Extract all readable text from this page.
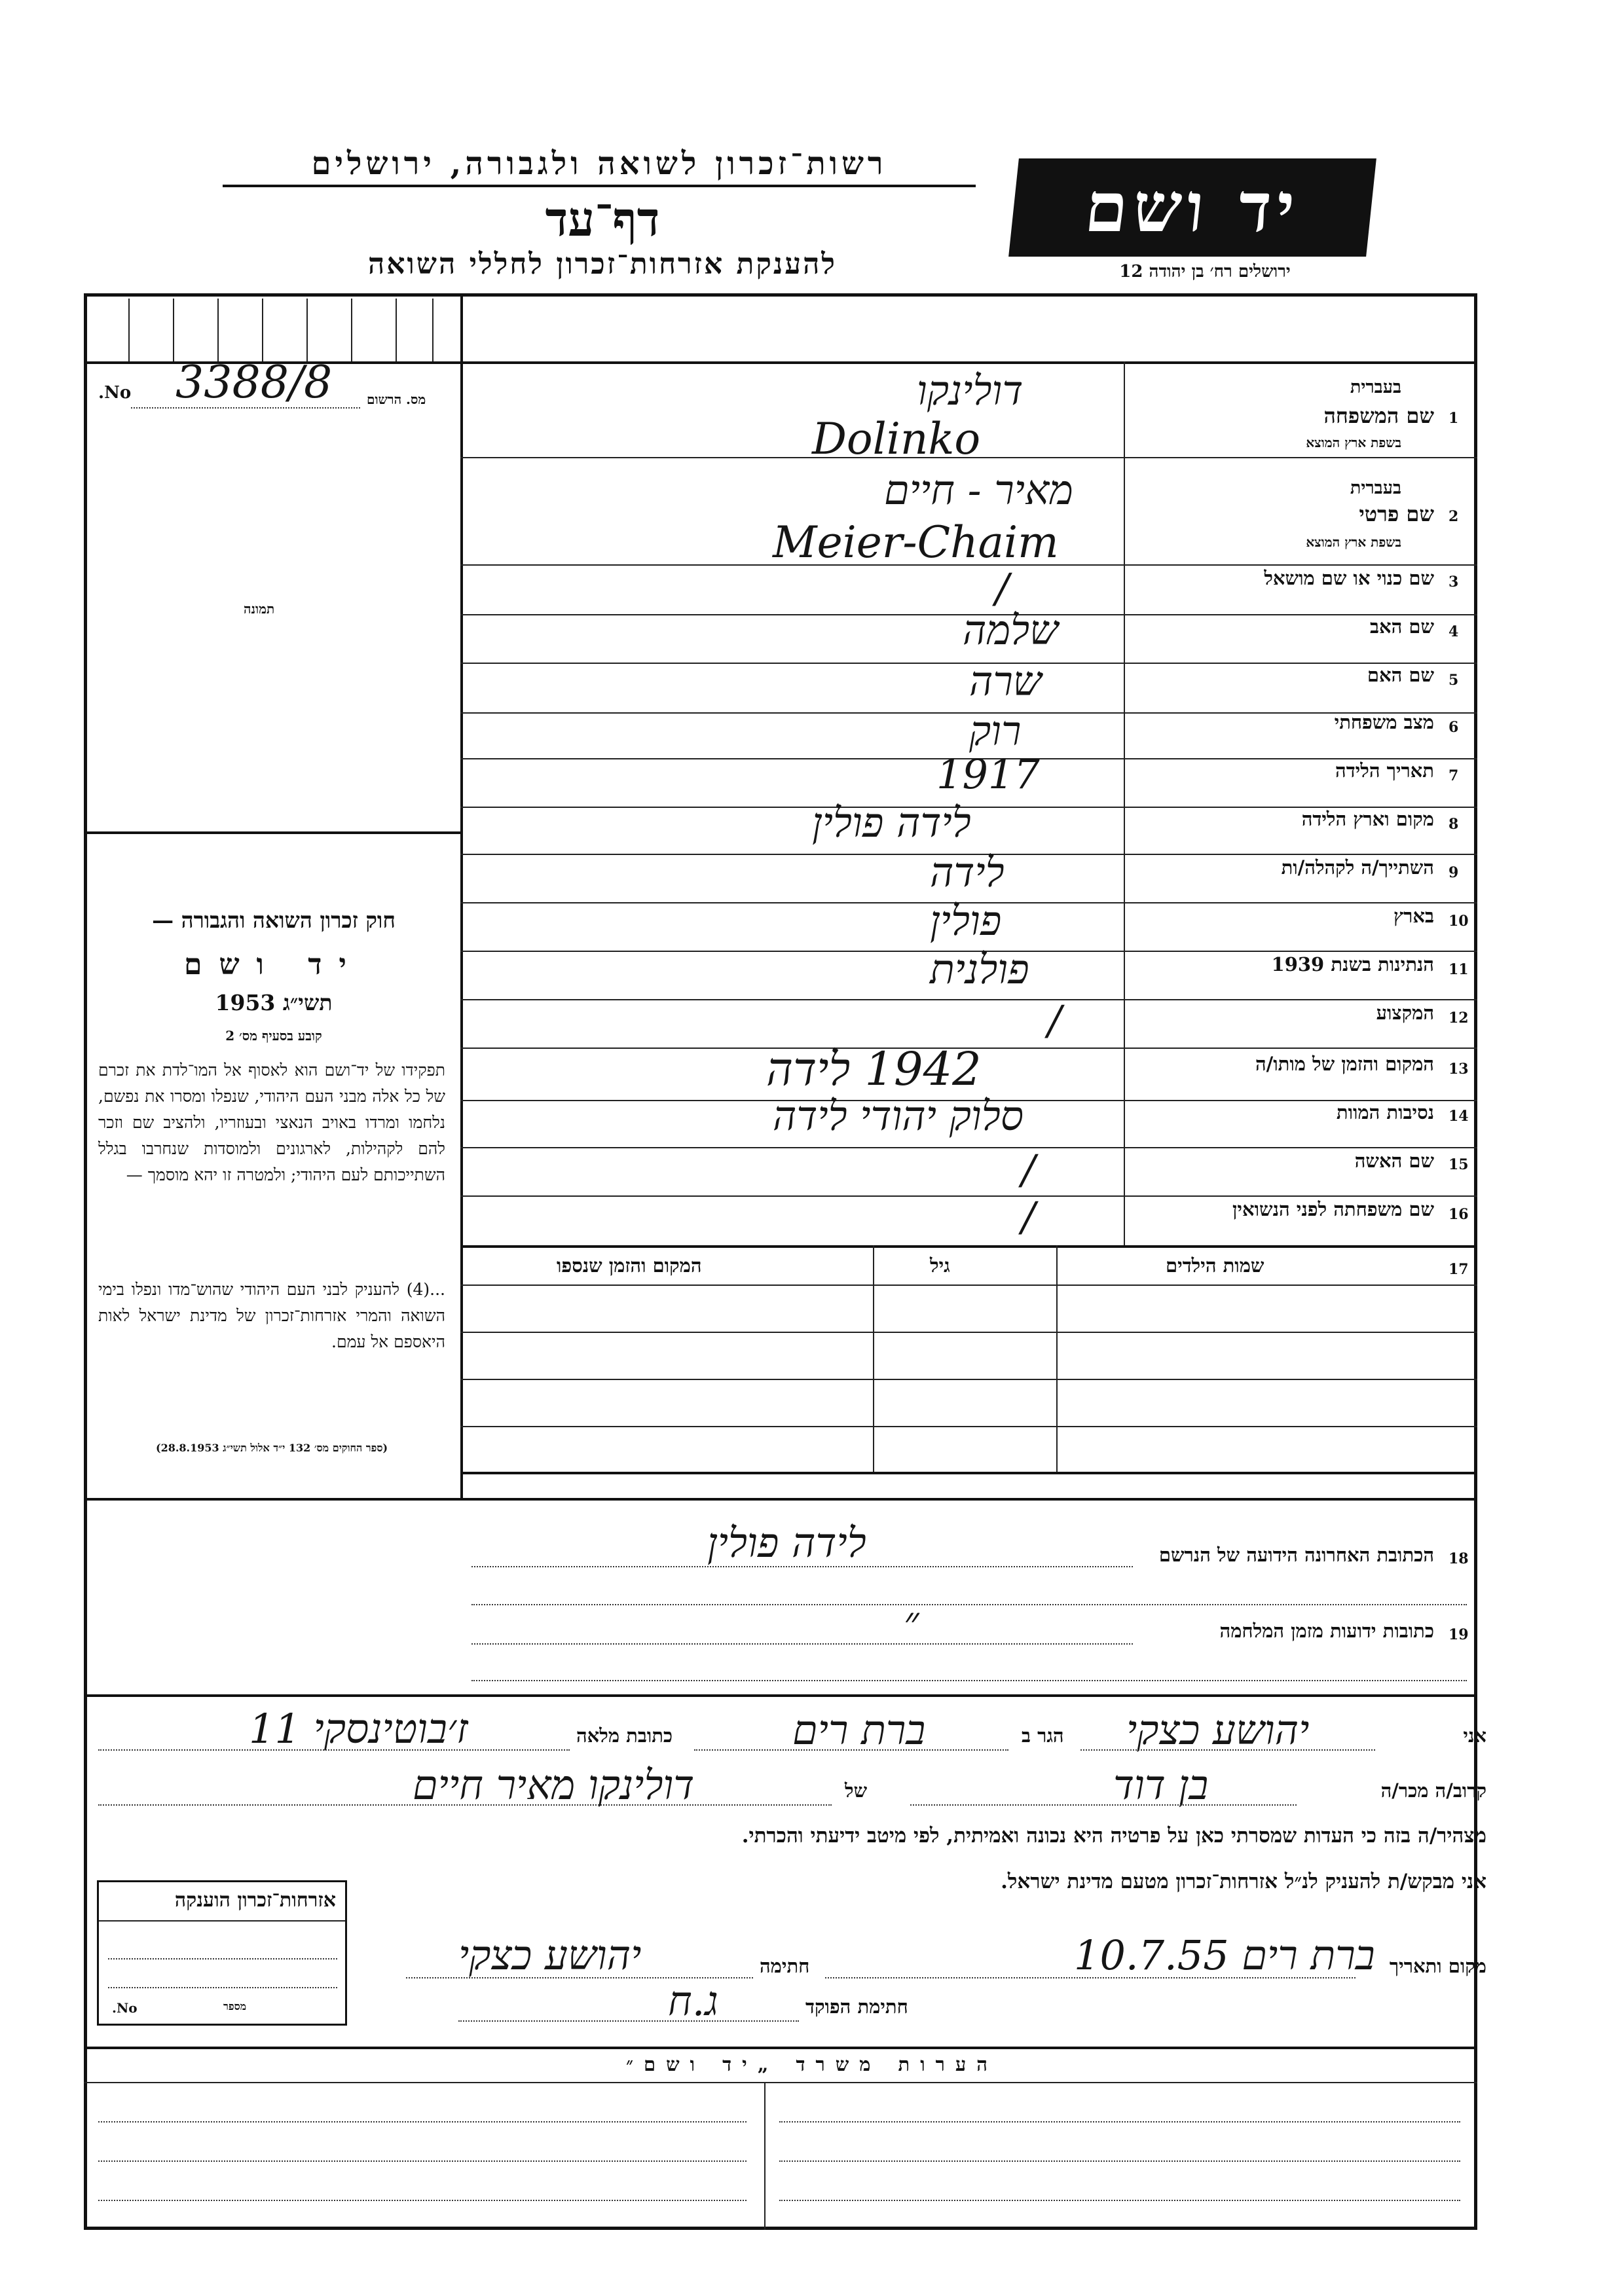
רשות־זכרון לשואה ולגבורה, ירושלים
דף־עד
להענקת אזרחות־זכרון לחללי השואה
יד ושם
ירושלים רח׳ בן יהודה 12
No. 3388/8	מס. הרשום
תמונה
חוק זכרון השואה והגבורה —
יד ושם
תשי״ג 1953
קובע בסעיף מס׳ 2
תפקידו של יד־ושם הוא לאסוף אל המו־לדת את זכרם של כל אלה מבני העם היהודי, שנפלו ומסרו את נפשם, נלחמו ומרדו באויב הנאצי ובעוזריו, ולהציב שם וזכר להם לקהילות, לארגונים ולמוסדות שנחרבו בגלל השתייכותם לעם היהודי; ולמטרה זו יהא מוסמך —
...(4) להעניק לבני העם היהודי שהוש־מדו ונפלו בימי השואה והמרי אזרחות־זכרון של מדינת ישראל לאות היאספם אל עמם.
(ספר החוקים מס׳ 132 י״ד אלול תשי״ג 28.8.1953)
1
שם המשפחה
בעברית
בשפת ארץ המוצא
דולינקו
Dolinko
2
שם פרטי
בעברית
בשפת ארץ המוצא
מאיר - חיים
Meier-Chaim
3
שם כנוי או שם מושאל
/
4
שם האב
שלמה
5
שם האם
שרה
6
מצב משפחתי
רוק
7
תאריך הלידה
1917
8
מקום וארץ הלידה
לידה פולין
9
השתייך/ה לקהלה/ות
לידה
10
בארץ
פולין
11
הנתינות בשנת 1939
פולנית
12
המקצוע
/
13
המקום והזמן של מותו/ה
1942 לידה
14
נסיבות המוות
סלוק יהודי לידה
15
שם האשה
/
16
שם משפחתה לפני הנשואין
/
17
שמות הילדים
גיל
המקום והזמן שנספו
18
הכתובת האחרונה הידועה של הנרשם
לידה פולין
19
כתובות ידועות מזמן המלחמה
״
אני
יהושע כצקי
הגר ב
ברת רים
כתובת מלאה
ז׳בוטינסקי 11
קרוב/ה מכר/ה
בן דוד
של
דולינקו מאיר חיים
מצהיר/ה בזה כי העדות שמסרתי כאן על פרטיה היא נכונה ואמיתית, לפי מיטב ידיעתי והכרתי.
אני מבקש/ת להעניק לנ״ל אזרחות־זכרון מטעם מדינת ישראל.
אזרחות־זכרון הוענקה
No.	מספר
מקום ותאריך
ברת רים 10.7.55
חתימה
יהושע כצקי
חתימת הפוקד
ג.ח
הערות משרד „יד ושם״
